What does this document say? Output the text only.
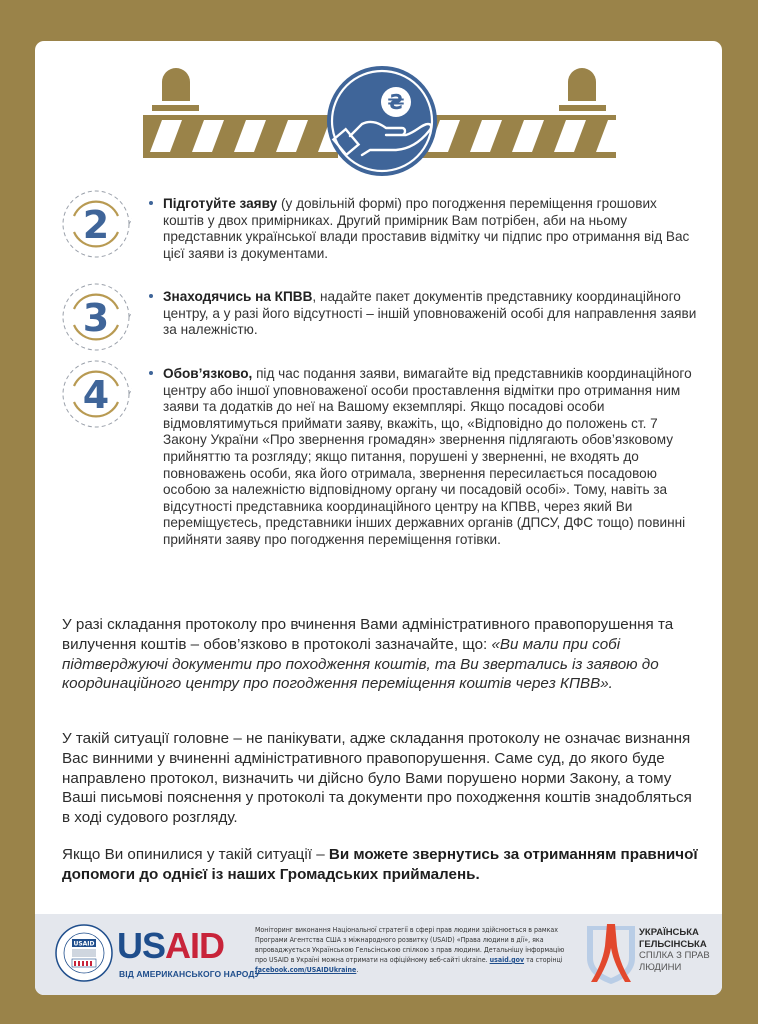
₴
2	Підготуйте заяву (у довільній формі) про погодження переміщення грошових коштів у двох примірниках. Другий примірник Вам потрібен, аби на ньому представник української влади проставив відмітку чи підпис про отримання від Вас цієї заяви із документами.
3	Знаходячись на КПВВ, надайте пакет документів представнику координаційного центру, а у разі його відсутності – іншій уповноваженій особі для направлення заяви за належністю.
4	Обов’язково, під час подання заяви, вимагайте від представників координаційного центру або іншої уповноваженої особи проставлення відмітки про отримання ним заяви та додатків до неї на Вашому екземплярі. Якщо посадові особи відмовлятимуться приймати заяву, вкажіть, що, «Відповідно до положень ст. 7 Закону України «Про звернення громадян» звернення підлягають обов’язковому прийняттю та розгляду; якщо питання, порушені у зверненні, не входять до повноважень особи, яка його отримала, звернення пересилається посадовою особою за належністю відповідному органу чи посадовій особі». Тому, навіть за відсутності представника координаційного центру на КПВВ, через який Ви переміщуєтесь, представники інших державних органів (ДПСУ, ДФС тощо) повинні прийняти заяву про погодження переміщення готівки.
У разі складання протоколу про вчинення Вами адміністративного правопорушення та вилучення коштів – обов’язково в протоколі зазначайте, що: «Ви мали при собі підтверджуючі документи про походження коштів, та Ви звертались із заявою до координаційного центру про погодження переміщення коштів через КПВВ».
У такій ситуації головне – не панікувати, адже складання протоколу не означає визнання Вас винними у вчиненні адміністративного правопорушення. Саме суд, до якого буде направлено протокол, визначить чи дійсно було Вами порушено норми Закону, а тому Ваші письмові пояснення у протоколі та документи про походження коштів знадобляться в ході судового розгляду.
Якщо Ви опинилися у такій ситуації – Ви можете звернутись за отриманням правничої допомоги до однієї із наших Громадських приймалень.
USAID USAID
ВІД АМЕРИКАНСЬКОГО НАРОДУ
Моніторинг виконання Національної стратегії в сфері прав людини здійснюється в рамках Програми Агентства США з міжнародного розвитку (USAID) «Права людини в дії», яка впроваджується Українською Гельсінською спілкою з прав людини. Детальнішу інформацію про USAID в Україні можна отримати на офіційному веб-сайті ukraine. usaid.gov та сторінці facebook.com/USAIDUkraine.
УКРАЇНСЬКА
ГЕЛЬСІНСЬКА
СПІЛКА З ПРАВ
ЛЮДИНИ
